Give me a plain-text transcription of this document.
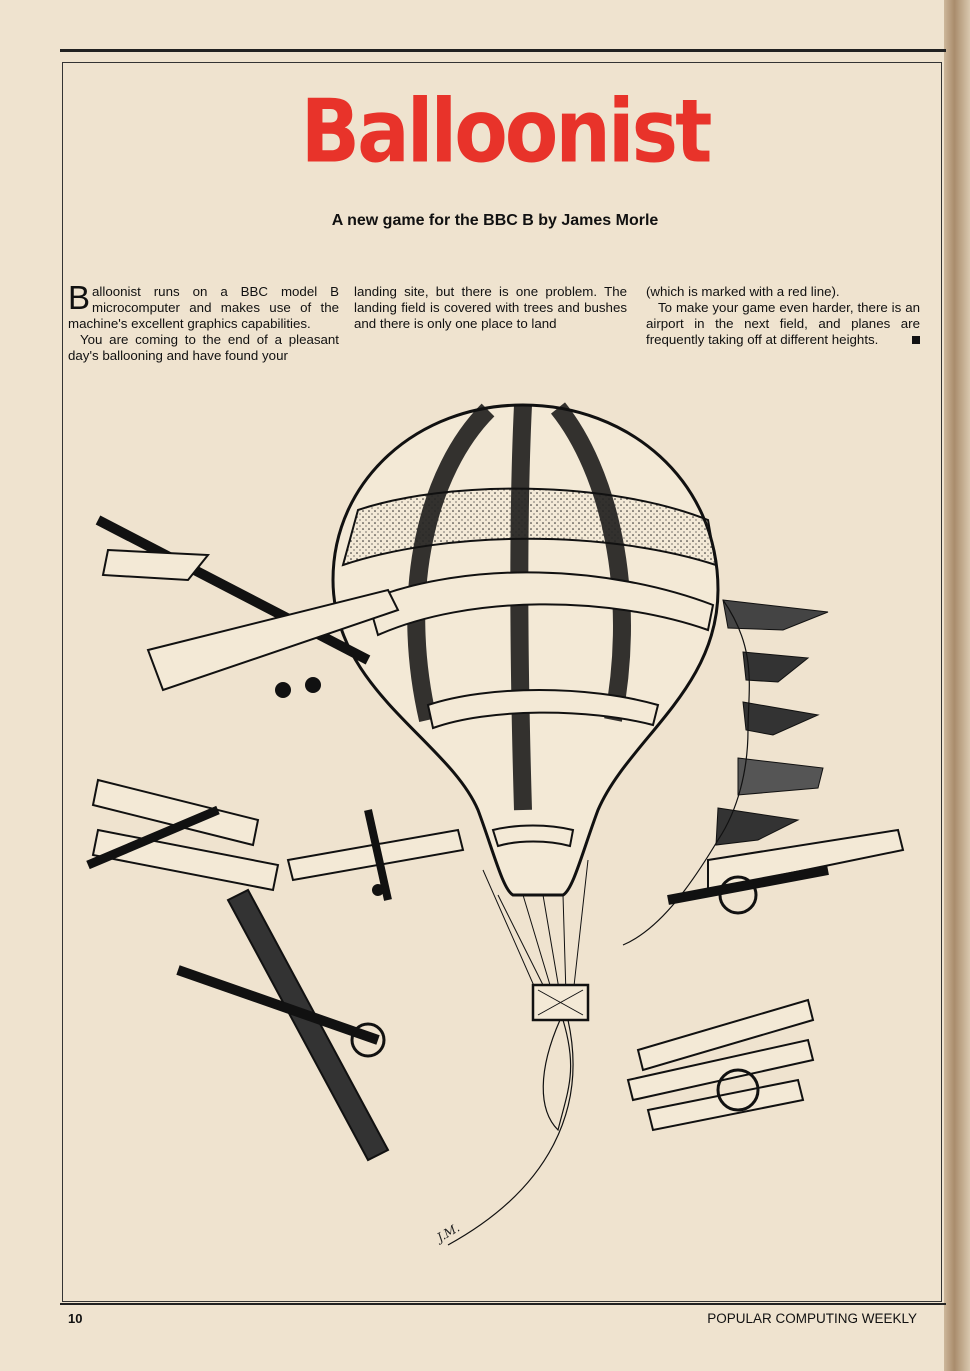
Balloonist
A new game for the BBC B by James Morle

Balloonist runs on a BBC model B microcomputer and makes use of the machine's excellent graphics capabilities.

You are coming to the end of a pleasant day's ballooning and have found your

landing site, but there is one problem. The landing field is covered with trees and bushes and there is only one place to land

(which is marked with a red line).

To make your game even harder, there is an airport in the next field, and planes are frequently taking off at different heights.

J.M.
10	POPULAR COMPUTING WEEKLY
